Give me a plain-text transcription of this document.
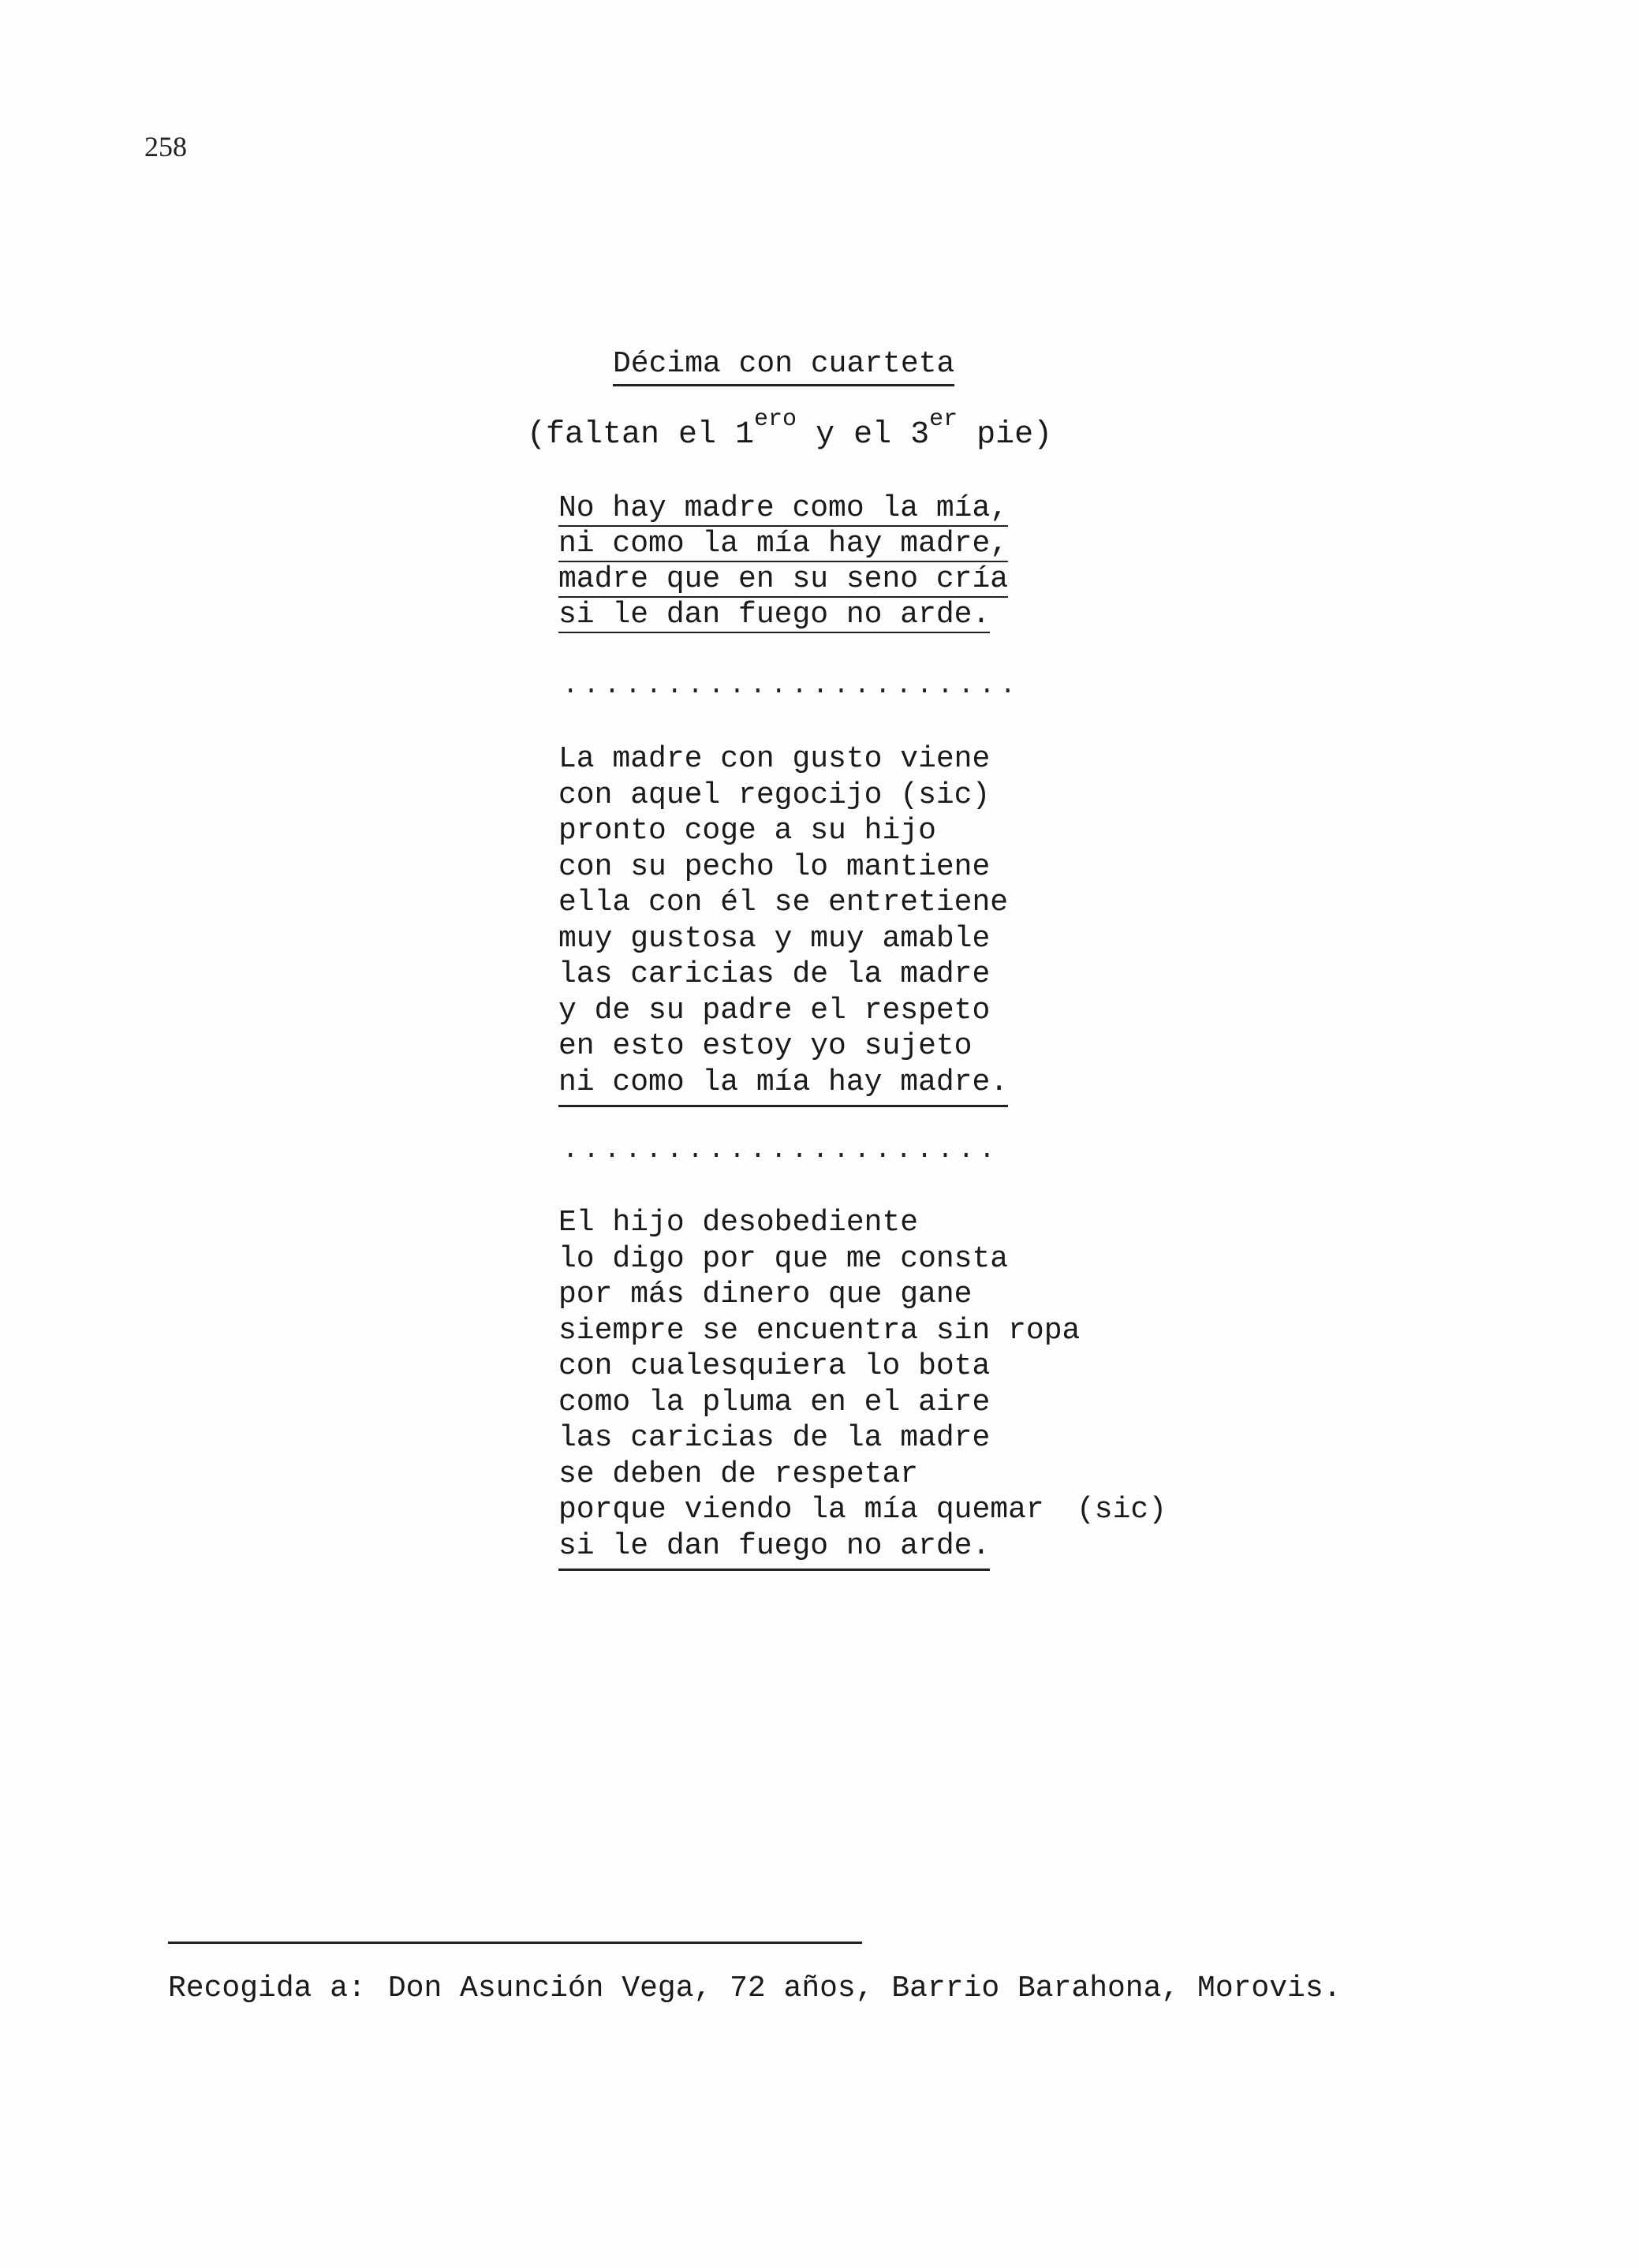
258
Décima con cuarteta
(faltan el $1^{ero}$ y el 3er pie)
No hay madre como la mía,
ni como la mía hay madre,
madre que en su seno cría
si le dan fuego no arde.
......................
La madre con gusto viene
con aquel regocijo (sic)
pronto coge a su hijo
con su pecho lo mantiene
ella con él se entretiene
muy gustosa y muy amable
las caricias de la madre
y de su padre el respeto
en esto estoy yo sujeto
ni como la mía hay madre.
.....................
El hijo desobediente
lo digo por que me consta
por más dinero que gane
siempre se encuentra sin ropa
con cualesquiera lo bota
como la pluma en el aire
las caricias de la madre
se deben de respetar
porque viendo la mía quemar
si le dan fuego no arde.
(sic)
Recogida a: Don Asunción Vega, 72 años, Barrio Barahona, Morovis.
